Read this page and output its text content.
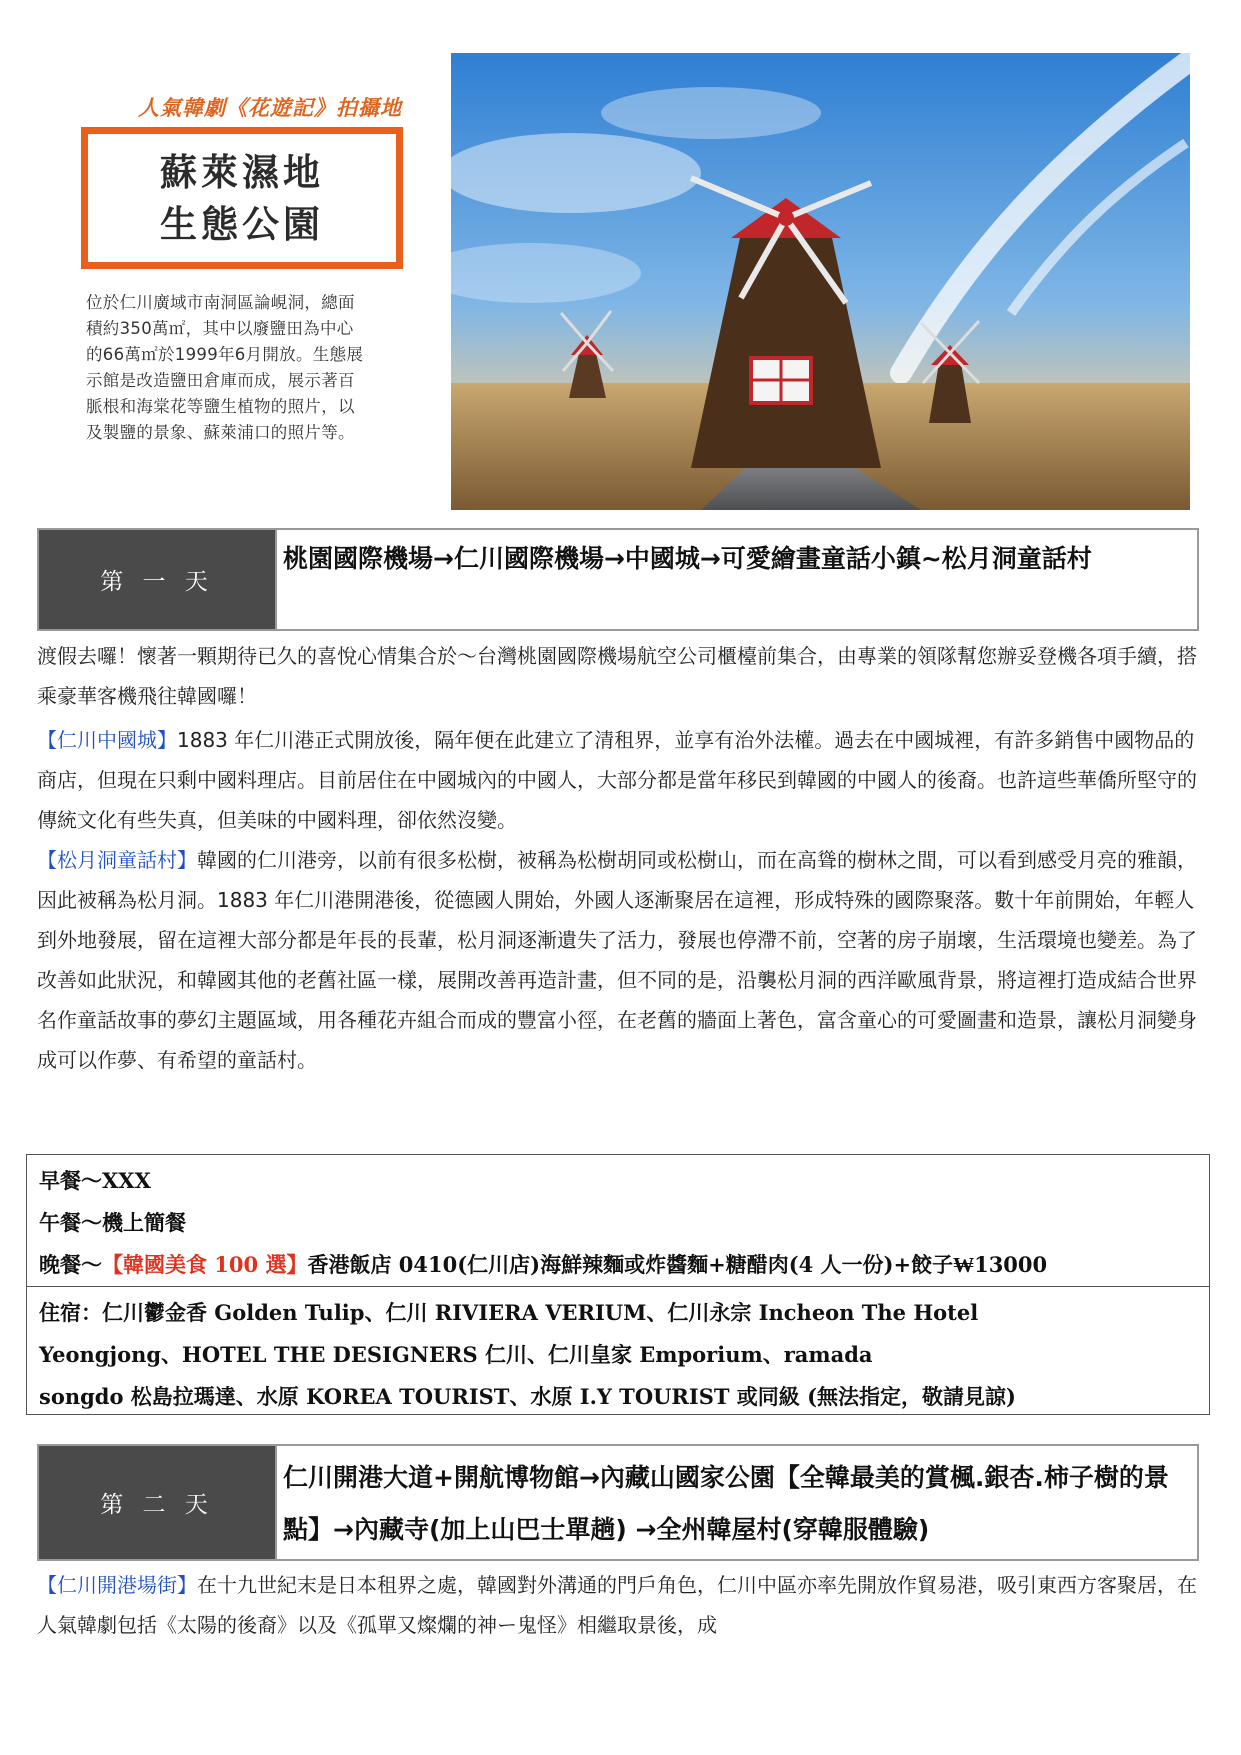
人氣韓劇《花遊記》拍攝地
蘇萊濕地
生態公園
位於仁川廣域市南洞區論峴洞，總面
積約350萬㎡，其中以廢鹽田為中心
的66萬㎡於1999年6月開放。生態展
示館是改造鹽田倉庫而成，展示著百
脈根和海棠花等鹽生植物的照片，以
及製鹽的景象、蘇萊浦口的照片等。
第 一 天
桃園國際機場→仁川國際機場→中國城→可愛繪畫童話小鎮~松月洞童話村
渡假去囉！懷著一顆期待已久的喜悅心情集合於～台灣桃園國際機場航空公司櫃檯前集合，由專業的領隊幫您辦妥登機各項手續，搭乘豪華客機飛往韓國囉！
【仁川中國城】1883 年仁川港正式開放後，隔年便在此建立了清租界，並享有治外法權。過去在中國城裡，有許多銷售中國物品的商店，但現在只剩中國料理店。目前居住在中國城內的中國人，大部分都是當年移民到韓國的中國人的後裔。也許這些華僑所堅守的傳統文化有些失真，但美味的中國料理，卻依然沒變。
【松月洞童話村】韓國的仁川港旁，以前有很多松樹，被稱為松樹胡同或松樹山，而在高聳的樹林之間，可以看到感受月亮的雅韻，因此被稱為松月洞。1883 年仁川港開港後，從德國人開始，外國人逐漸聚居在這裡，形成特殊的國際聚落。數十年前開始，年輕人到外地發展，留在這裡大部分都是年長的長輩，松月洞逐漸遺失了活力，發展也停滯不前，空著的房子崩壞，生活環境也變差。為了改善如此狀況，和韓國其他的老舊社區一樣，展開改善再造計畫，但不同的是，沿襲松月洞的西洋歐風背景，將這裡打造成結合世界名作童話故事的夢幻主題區域，用各種花卉組合而成的豐富小徑，在老舊的牆面上著色，富含童心的可愛圖畫和造景，讓松月洞變身成可以作夢、有希望的童話村。
早餐～XXX
午餐～機上簡餐
晚餐～【韓國美食 100 選】香港飯店 0410(仁川店)海鮮辣麵或炸醬麵+糖醋肉(4 人一份)+餃子₩13000
住宿：仁川鬱金香 Golden Tulip、仁川 RIVIERA VERIUM、仁川永宗 Incheon The Hotel
Yeongjong、HOTEL THE DESIGNERS 仁川、仁川皇家 Emporium、ramada
songdo 松島拉瑪達、水原 KOREA TOURIST、水原 I.Y TOURIST 或同級 (無法指定，敬請見諒)
第 二 天
仁川開港大道+開航博物館→內藏山國家公園【全韓最美的賞楓.銀杏.柿子樹的景點】→內藏寺(加上山巴士單趟) →全州韓屋村(穿韓服體驗)
【仁川開港場街】在十九世紀末是日本租界之處，韓國對外溝通的門戶角色，仁川中區亦率先開放作貿易港，吸引東西方客聚居，在人氣韓劇包括《太陽的後裔》以及《孤單又燦爛的神ー鬼怪》相繼取景後，成
